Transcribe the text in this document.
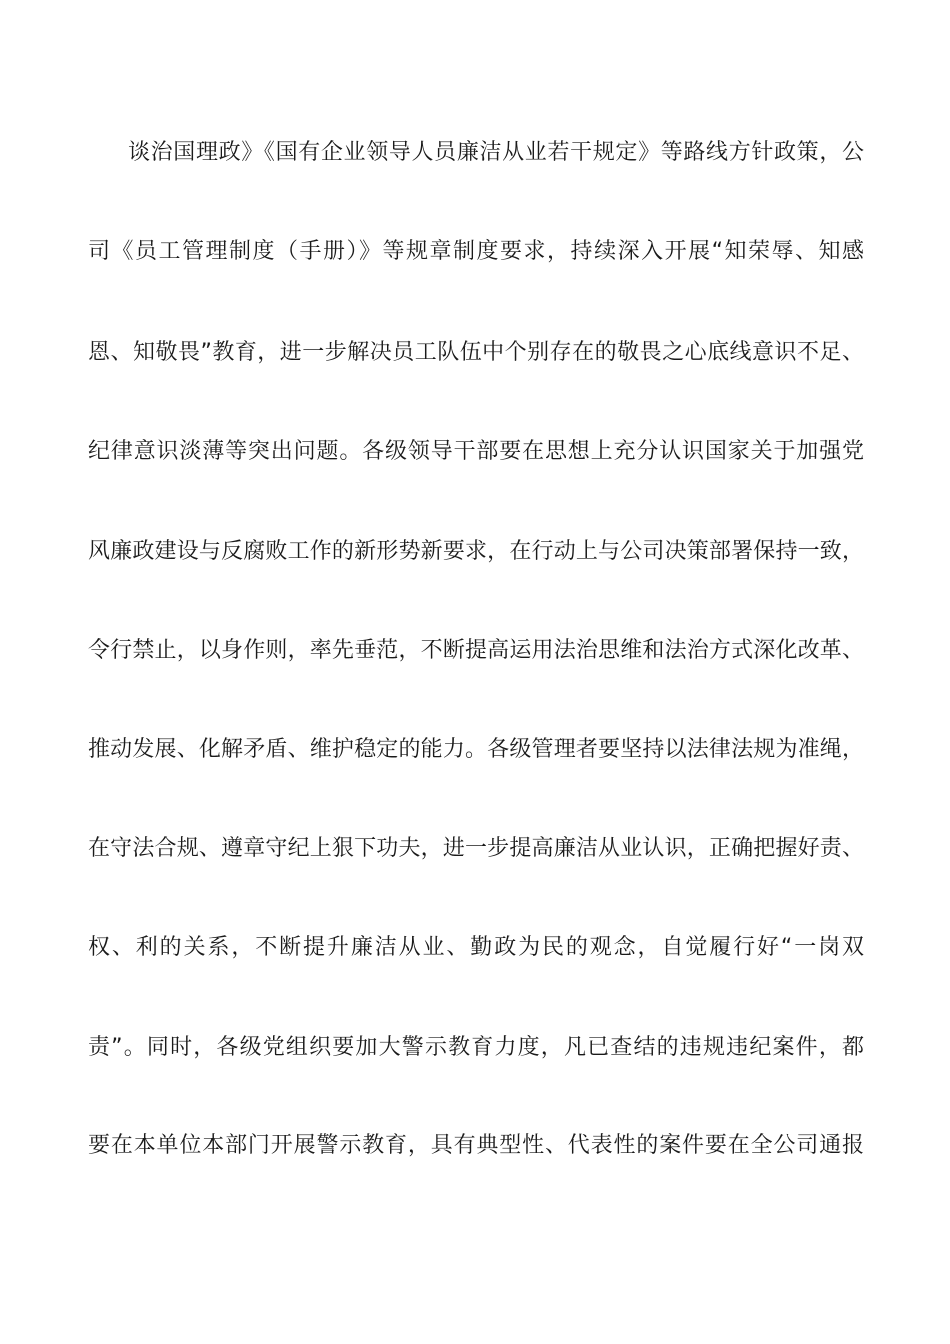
谈治国理政》《国有企业领导人员廉洁从业若干规定》等路线方针政策，公
司《员工管理制度（手册）》等规章制度要求，持续深入开展“知荣辱、知感
恩、知敬畏”教育，进一步解决员工队伍中个别存在的敬畏之心底线意识不足、
纪律意识淡薄等突出问题。各级领导干部要在思想上充分认识国家关于加强党
风廉政建设与反腐败工作的新形势新要求，在行动上与公司决策部署保持一致，
令行禁止，以身作则，率先垂范，不断提高运用法治思维和法治方式深化改革、
推动发展、化解矛盾、维护稳定的能力。各级管理者要坚持以法律法规为准绳，
在守法合规、遵章守纪上狠下功夫，进一步提高廉洁从业认识，正确把握好责、
权、利的关系，不断提升廉洁从业、勤政为民的观念，自觉履行好“一岗双
责”。同时，各级党组织要加大警示教育力度，凡已查结的违规违纪案件，都
要在本单位本部门开展警示教育，具有典型性、代表性的案件要在全公司通报
